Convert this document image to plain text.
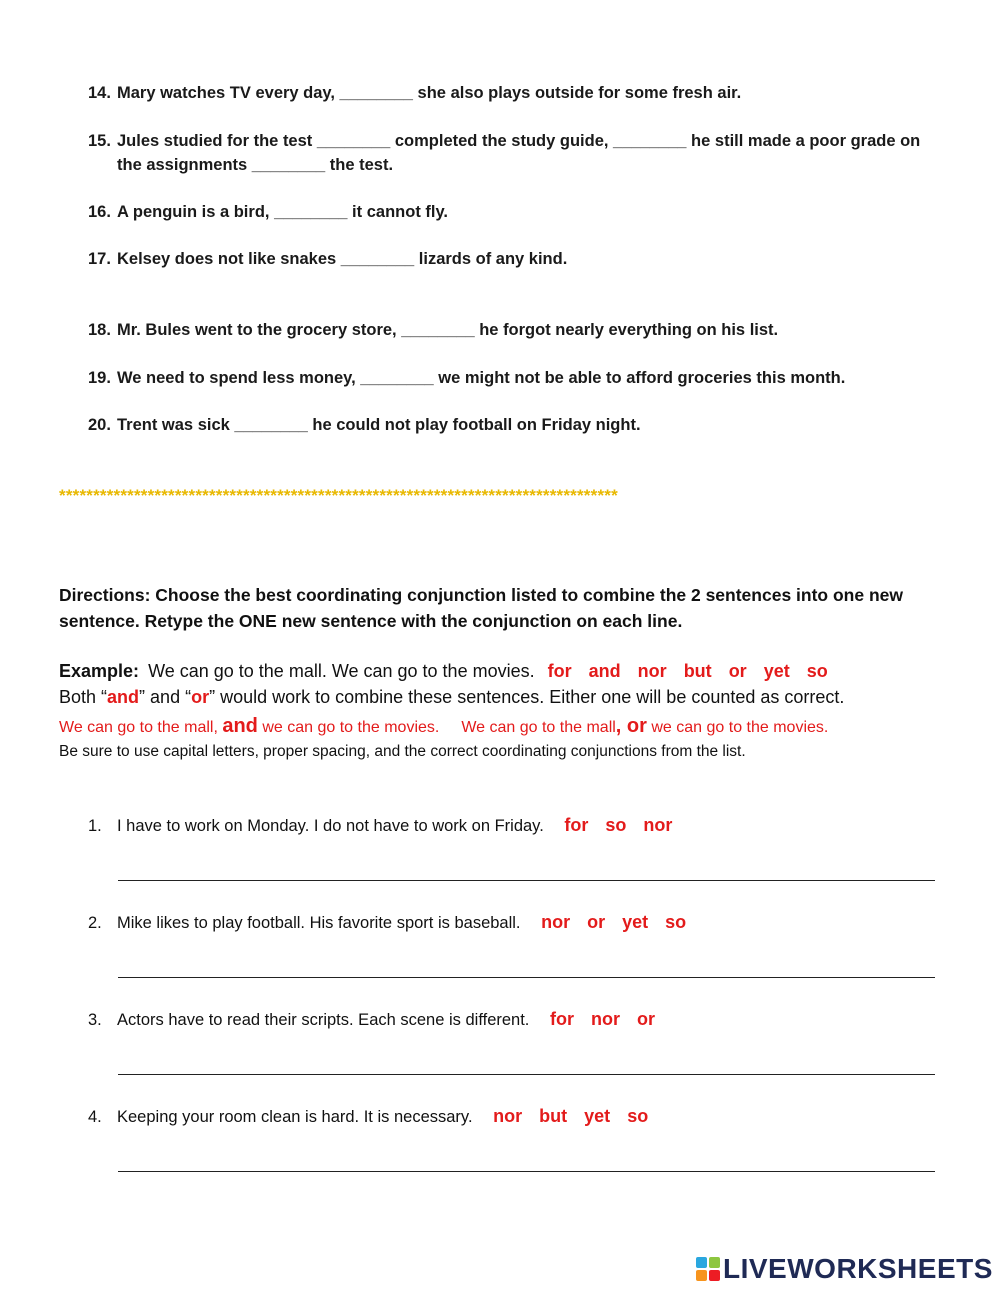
14. Mary watches TV every day, ________ she also plays outside for some fresh air.
15. Jules studied for the test ________ completed the study guide, ________ he still made a poor grade on the assignments ________ the test.
16. A penguin is a bird, ________ it cannot fly.
17. Kelsey does not like snakes ________ lizards of any kind.
18. Mr. Bules went to the grocery store, ________ he forgot nearly everything on his list.
19. We need to spend less money, ________ we might not be able to afford groceries this month.
20. Trent was sick ________ he could not play football on Friday night.
**********************************************************************************
Directions: Choose the best coordinating conjunction listed to combine the 2 sentences into one new sentence. Retype the ONE new sentence with the conjunction on each line.
Example: We can go to the mall. We can go to the movies. for and nor but or yet so
Both “and” and “or” would work to combine these sentences. Either one will be counted as correct.
We can go to the mall, and we can go to the movies. We can go to the mall, or we can go to the movies.
Be sure to use capital letters, proper spacing, and the correct coordinating conjunctions from the list.
1. I have to work on Monday. I do not have to work on Friday. for so nor
2. Mike likes to play football. His favorite sport is baseball. nor or yet so
3. Actors have to read their scripts. Each scene is different. for nor or
4. Keeping your room clean is hard. It is necessary. nor but yet so
LIVEWORKSHEETS
